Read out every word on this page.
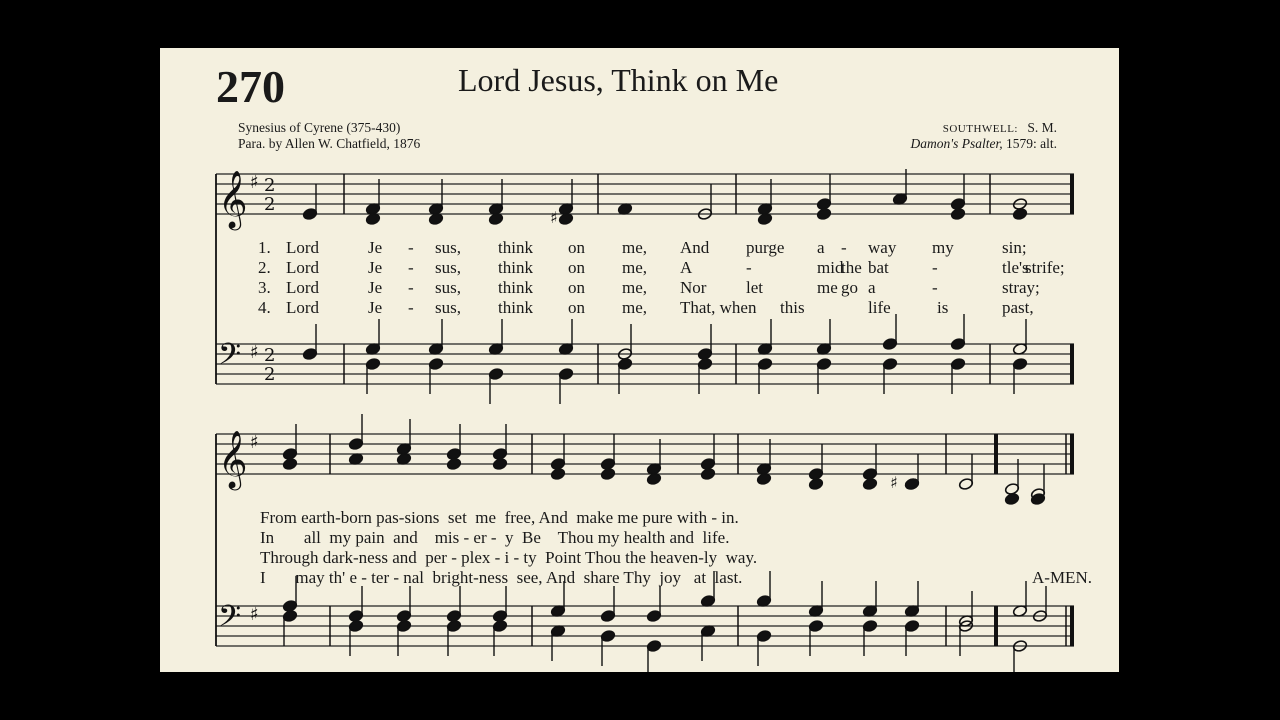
270	Lord Jesus, Think on Me
Synesius of Cyrene (375-430)
Para. by Allen W. Chatfield, 1876
SOUTHWELL: S. M.
Damon's Psalter, 1579: alt.
𝄞
𝄢
♯
♯
2
2
2
2
♯
𝄞
𝄢
♯
♯
♯
1. Lord	Je - sus, think on me, And purge a - way my	sin;
2. Lord	Je - sus, think on me, A	-	mid
the bat	-	tle's
strife;
3. Lord	Je - sus, think on me, Nor let	me go a	-	stray;
4. Lord	Je - sus, think on me, That, when this	life	is	past,
From earth-born pas-sions  set  me  free, And  make me pure with - in.
In       all  my pain  and    mis - er -  y  Be    Thou my health and  life.
Through dark-ness and  per - plex - i - ty  Point Thou the heaven-ly  way.
I       may th' e - ter - nal  bright-ness  see, And  share Thy  joy   at  last.	A-MEN.
